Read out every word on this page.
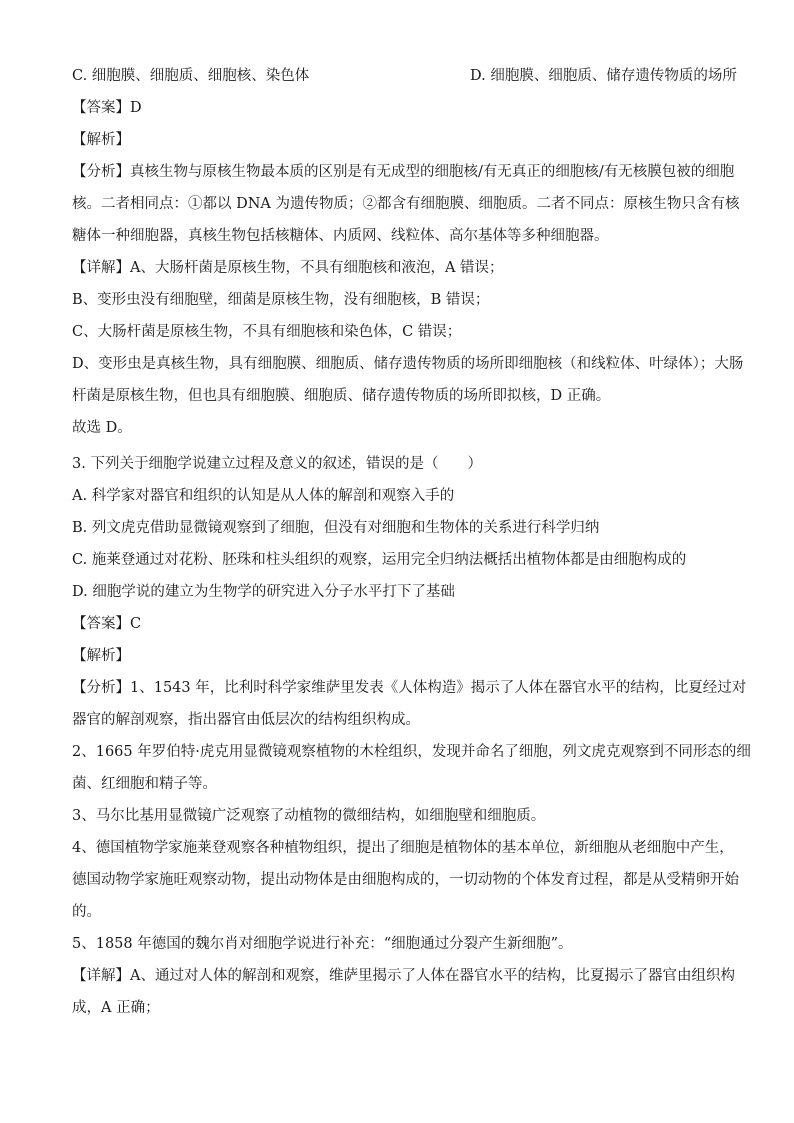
C. 细胞膜、细胞质、细胞核、染色体	D. 细胞膜、细胞质、储存遗传物质的场所
【答案】D
【解析】
【分析】真核生物与原核生物最本质的区别是有无成型的细胞核/有无真正的细胞核/有无核膜包被的细胞
核。二者相同点：①都以 DNA 为遗传物质；②都含有细胞膜、细胞质。二者不同点：原核生物只含有核
糖体一种细胞器，真核生物包括核糖体、内质网、线粒体、高尔基体等多种细胞器。
【详解】A、大肠杆菌是原核生物，不具有细胞核和液泡，A 错误；
B、变形虫没有细胞壁，细菌是原核生物，没有细胞核，B 错误；
C、大肠杆菌是原核生物，不具有细胞核和染色体，C 错误；
D、变形虫是真核生物，具有细胞膜、细胞质、储存遗传物质的场所即细胞核（和线粒体、叶绿体）；大肠
杆菌是原核生物，但也具有细胞膜、细胞质、储存遗传物质的场所即拟核，D 正确。
故选 D。
3. 下列关于细胞学说建立过程及意义的叙述，错误的是（　　）
A. 科学家对器官和组织的认知是从人体的解剖和观察入手的
B. 列文虎克借助显微镜观察到了细胞，但没有对细胞和生物体的关系进行科学归纳
C. 施莱登通过对花粉、胚珠和柱头组织的观察，运用完全归纳法概括出植物体都是由细胞构成的
D. 细胞学说的建立为生物学的研究进入分子水平打下了基础
【答案】C
【解析】
【分析】1、1543 年，比利时科学家维萨里发表《人体构造》揭示了人体在器官水平的结构，比夏经过对
器官的解剖观察，指出器官由低层次的结构组织构成。
2、1665 年罗伯特·虎克用显微镜观察植物的木栓组织，发现并命名了细胞，列文虎克观察到不同形态的细
菌、红细胞和精子等。
3、马尔比基用显微镜广泛观察了动植物的微细结构，如细胞壁和细胞质。
4、德国植物学家施莱登观察各种植物组织，提出了细胞是植物体的基本单位，新细胞从老细胞中产生，
德国动物学家施旺观察动物，提出动物体是由细胞构成的，一切动物的个体发育过程，都是从受精卵开始
的。
5、1858 年德国的魏尔肖对细胞学说进行补充：“细胞通过分裂产生新细胞”。
【详解】A、通过对人体的解剖和观察，维萨里揭示了人体在器官水平的结构，比夏揭示了器官由组织构
成，A 正确；
